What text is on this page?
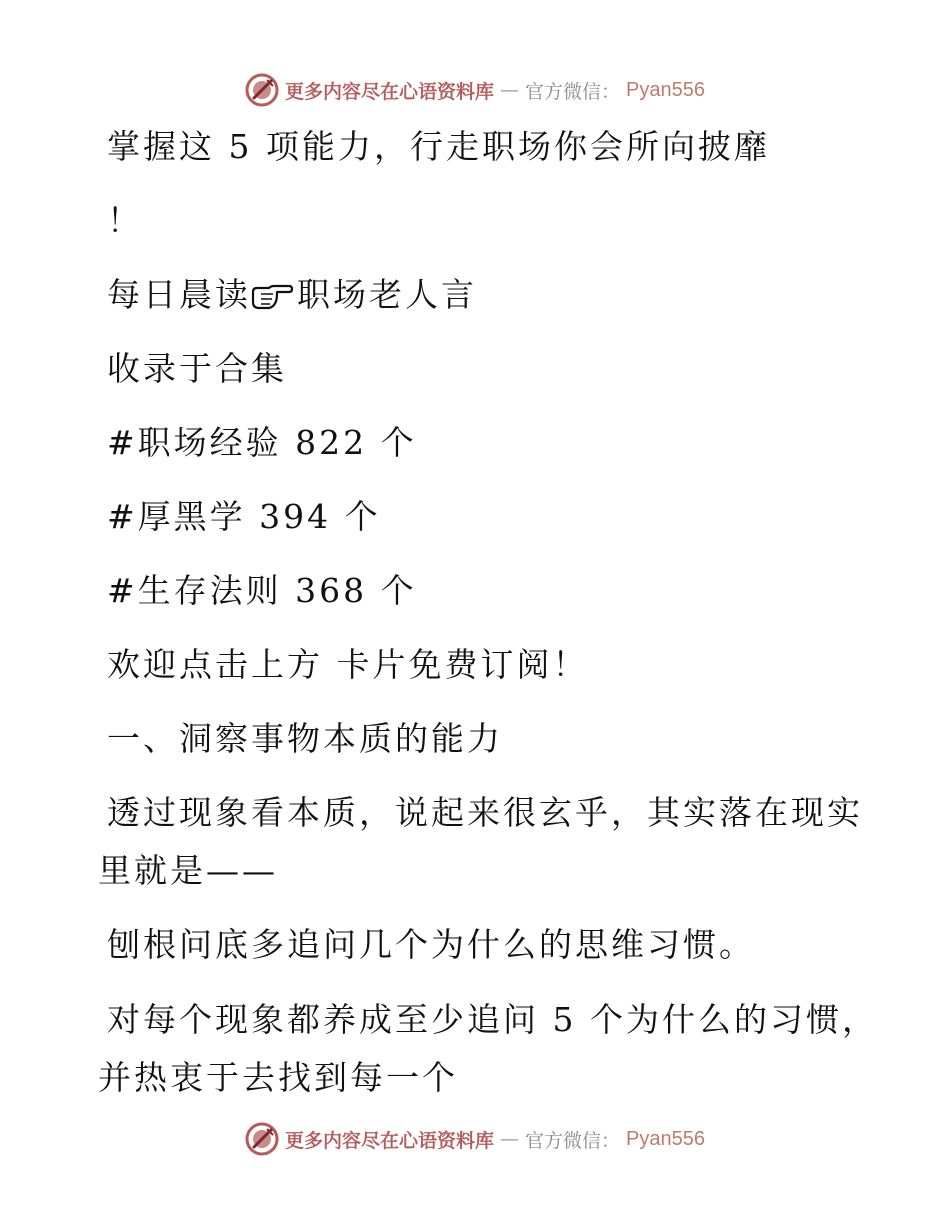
更多内容尽在心语资料库 — 官方微信： Pyan556
掌握这 5 项能力，行走职场你会所向披靡
！
每日晨读 职场老人言
收录于合集
#职场经验 822 个
#厚黑学 394 个
#生存法则 368 个
欢迎点击上方 卡片免费订阅！
一、洞察事物本质的能力
透过现象看本质，说起来很玄乎，其实落在现实
里就是——
刨根问底多追问几个为什么的思维习惯。
对每个现象都养成至少追问 5 个为什么的习惯，
并热衷于去找到每一个
更多内容尽在心语资料库 — 官方微信： Pyan556
